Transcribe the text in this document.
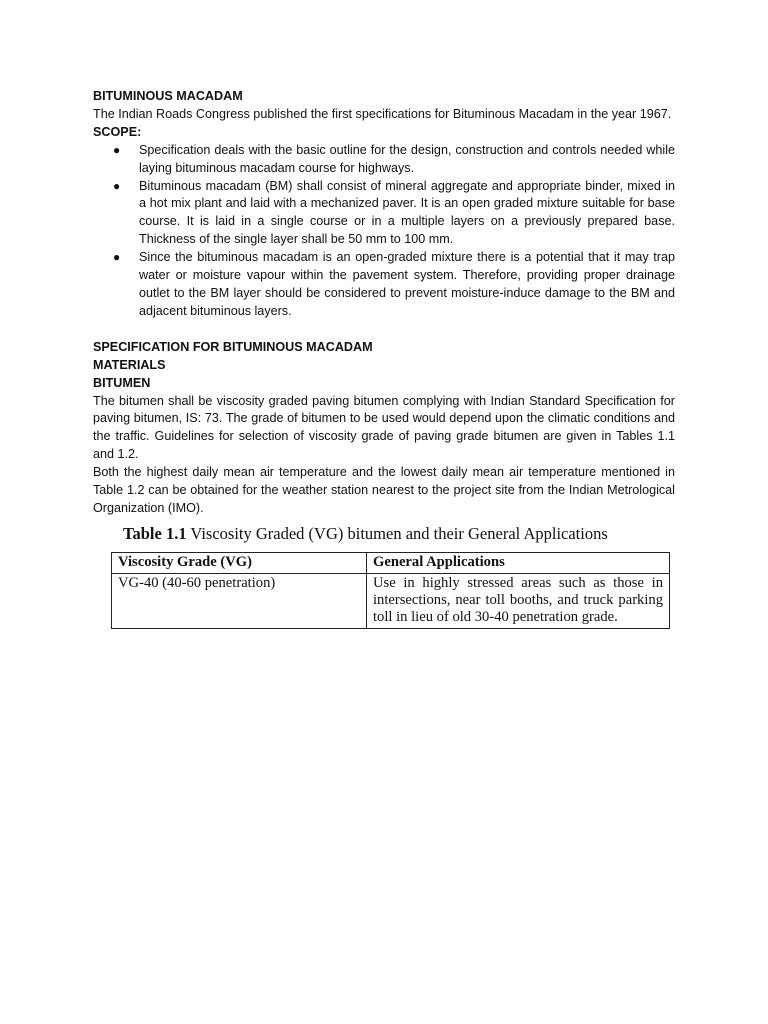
BITUMINOUS MACADAM

The Indian Roads Congress published the first specifications for Bituminous Macadam in the year 1967.

SCOPE:
● Specification deals with the basic outline for the design, construction and controls needed while laying bituminous macadam course for highways.
● Bituminous macadam (BM) shall consist of mineral aggregate and appropriate binder, mixed in a hot mix plant and laid with a mechanized paver. It is an open graded mixture suitable for base course. It is laid in a single course or in a multiple layers on a previously prepared base. Thickness of the single layer shall be 50 mm to 100 mm.
● Since the bituminous macadam is an open-graded mixture there is a potential that it may trap water or moisture vapour within the pavement system. Therefore, providing proper drainage outlet to the BM layer should be considered to prevent moisture-induce damage to the BM and adjacent bituminous layers.
SPECIFICATION FOR BITUMINOUS MACADAM
MATERIALS
BITUMEN

The bitumen shall be viscosity graded paving bitumen complying with Indian Standard Specification for paving bitumen, IS: 73. The grade of bitumen to be used would depend upon the climatic conditions and the traffic. Guidelines for selection of viscosity grade of paving grade bitumen are given in Tables 1.1 and 1.2.

Both the highest daily mean air temperature and the lowest daily mean air temperature mentioned in Table 1.2 can be obtained for the weather station nearest to the project site from the Indian Metrological Organization (IMO).

Table 1.1 Viscosity Graded (VG) bitumen and their General Applications
Viscosity Grade (VG)	General Applications
VG-40 (40-60 penetration)	Use in highly stressed areas such as those in intersections, near toll booths, and truck parking toll in lieu of old 30-40 penetration grade.
